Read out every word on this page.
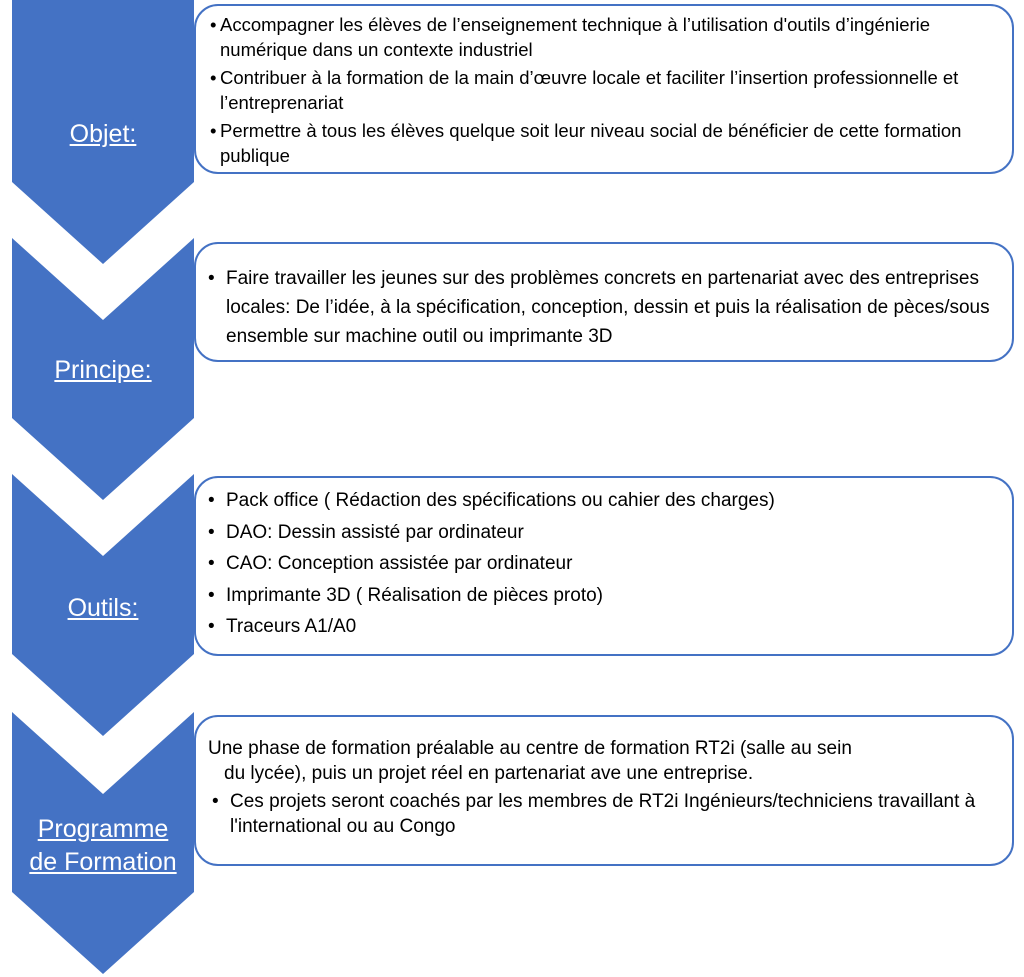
Objet:
Principe:
Outils:
Programme
de Formation
• Accompagner les élèves de l’enseignement technique à l’utilisation d'outils d’ingénierie numérique dans un contexte industriel
• Contribuer à la formation de la main d’œuvre locale et faciliter l’insertion professionnelle et l’entreprenariat
• Permettre à tous les élèves quelque soit leur niveau social de bénéficier de cette formation publique
• Faire travailler les jeunes sur des problèmes concrets en partenariat avec des entreprises locales: De l’idée, à la spécification, conception, dessin et puis la réalisation de pèces/sous ensemble sur machine outil ou imprimante 3D
• Pack office ( Rédaction des spécifications ou cahier des charges)
• DAO: Dessin assisté par ordinateur
• CAO: Conception assistée par ordinateur
• Imprimante 3D ( Réalisation de pièces proto)
• Traceurs A1/A0
Une phase de formation préalable au centre de formation RT2i (salle au sein
du lycée), puis un projet réel en partenariat ave une entreprise.
• Ces projets seront coachés par les membres de RT2i Ingénieurs/techniciens travaillant à l'international ou au Congo
